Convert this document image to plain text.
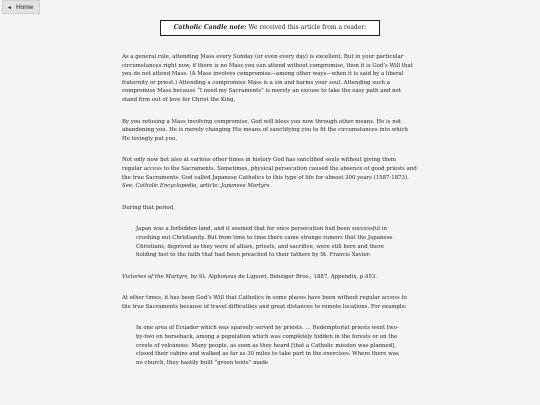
◄ Home
Catholic Candle note: We received this article from a reader:

As a general rule, attending Mass every Sunday (or even every day) is excellent. But in your particular circumstances right now, if there is no Mass you can attend without compromise, then it is God’s Will that you do not attend Mass. (A Mass involves compromise—among other ways—when it is said by a liberal fraternity or priest.) Attending a compromise Mass is a sin and harms your soul. Attending such a compromise Mass because “I need my Sacraments” is merely an excuse to take the easy path and not stand firm out of love for Christ the King.

By you refusing a Mass involving compromise, God will bless you now through other means. He is not abandoning you. He is merely changing His means of sanctifying you to fit the circumstances into which He lovingly put you.

Not only now but also at various other times in history God has sanctified souls without giving them regular access to the Sacraments. Sometimes, physical persecution caused the absence of good priests and the true Sacraments. God called Japanese Catholics to this type of life for almost 300 years (1587-1873). See, Catholic Encyclopedia, article: Japanese Martyrs.

During that period,

Japan was a forbidden land, and it seemed that for once persecution had been successful in crushing out Christianity. But from time to time there came strange rumors that the Japanese Christians, deprived as they were of altars, priests, and sacrifice, were still here and there holding fast to the faith that had been preached to their fathers by St. Francis Xavier.

Victories of the Martyrs, by St. Alphonsus de Liguori, Benziger Bros., 1887, Appendix, p.453.

At other times, it has been God’s Will that Catholics in some places have been without regular access to the true Sacraments because of travel difficulties and great distances to remote locations. For example:

In one area of Ecuador which was sparsely served by priests. … Redemptorist priests went two-by-two on horseback, among a population which was completely hidden in the forests or on the crests of volcanoes. Many people, as soon as they heard [that a Catholic mission was planned], closed their cabins and walked as far as 30 miles to take part in the exercises. Where there was no church, they hastily built “green tents” made
